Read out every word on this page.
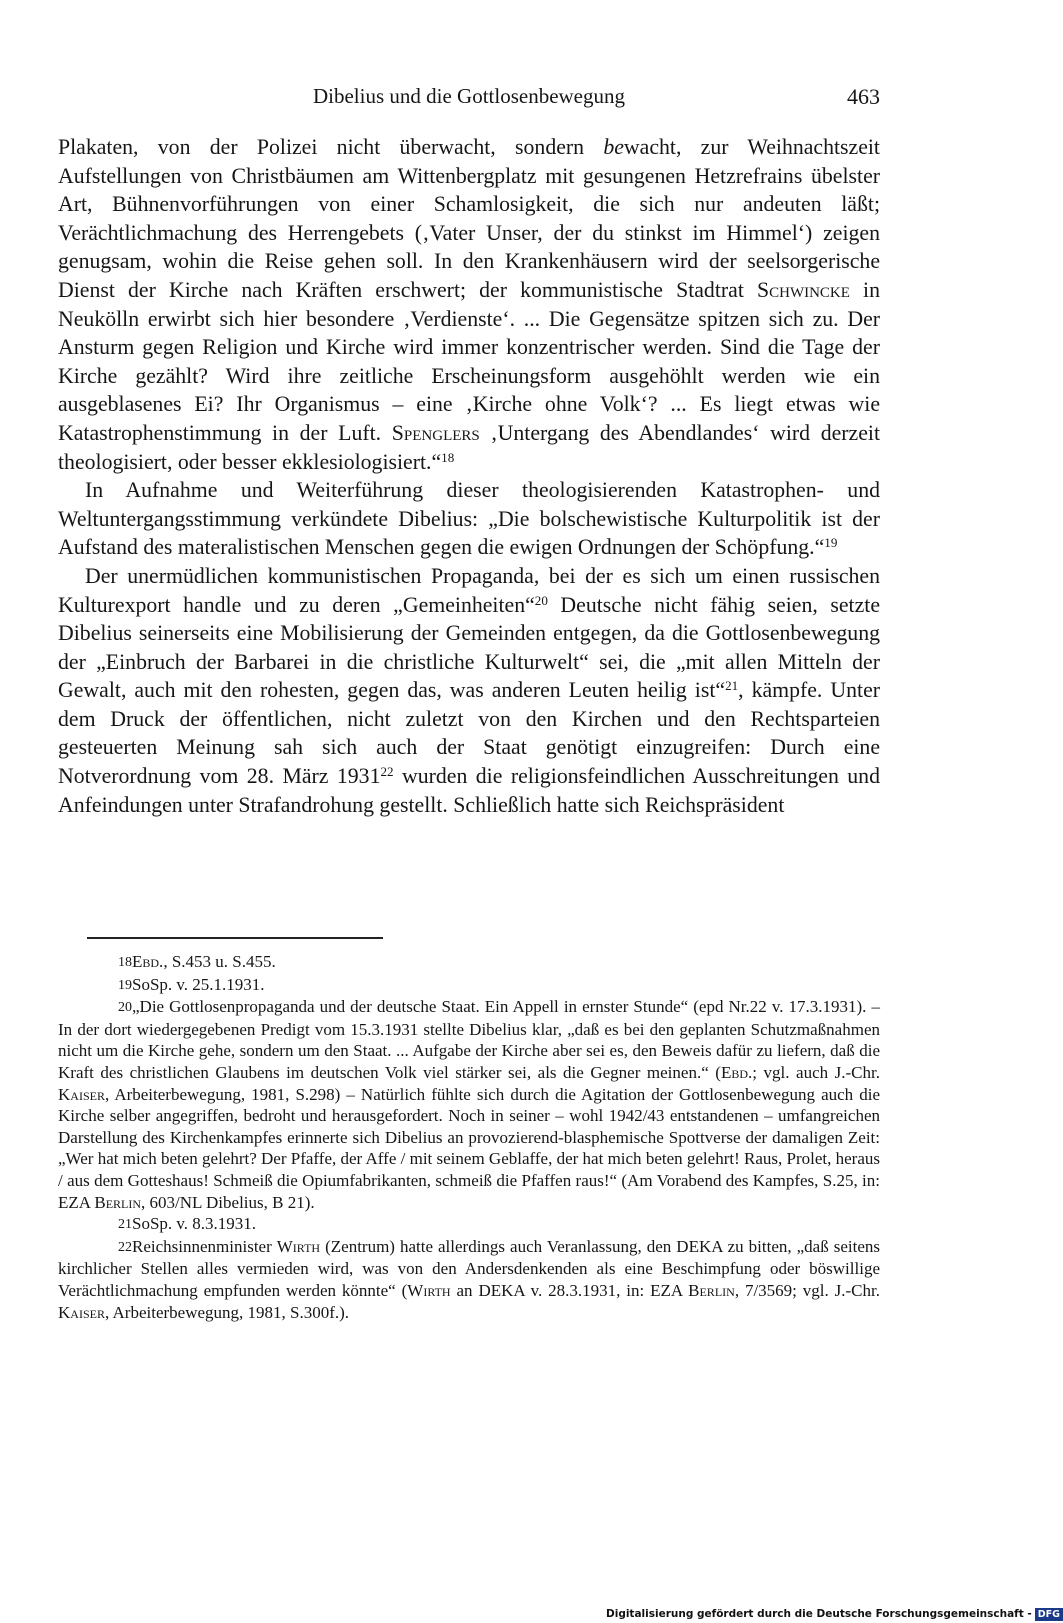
Dibelius und die Gottlosenbewegung	463

Plakaten, von der Polizei nicht überwacht, sondern bewacht, zur Weihnachtszeit Aufstellungen von Christbäumen am Wittenbergplatz mit gesungenen Hetzrefrains übelster Art, Bühnenvorführungen von einer Schamlosigkeit, die sich nur andeuten läßt; Verächtlichmachung des Herrengebets (‚Vater Unser, der du stinkst im Himmel‘) zeigen genugsam, wohin die Reise gehen soll. In den Krankenhäusern wird der seelsorgerische Dienst der Kirche nach Kräften erschwert; der kommunistische Stadtrat Schwincke in Neukölln erwirbt sich hier besondere ‚Verdienste‘. ... Die Gegensätze spitzen sich zu. Der Ansturm gegen Religion und Kirche wird immer konzentrischer werden. Sind die Tage der Kirche gezählt? Wird ihre zeitliche Erscheinungsform ausgehöhlt werden wie ein ausgeblasenes Ei? Ihr Organismus – eine ‚Kirche ohne Volk‘? ... Es liegt etwas wie Katastrophenstimmung in der Luft. Spenglers ‚Untergang des Abendlandes‘ wird derzeit theologisiert, oder besser ekklesiologisiert.“$^{18}$

In Aufnahme und Weiterführung dieser theologisierenden Katastrophen- und Weltuntergangsstimmung verkündete Dibelius: „Die bolschewistische Kulturpolitik ist der Aufstand des materalistischen Menschen gegen die ewigen Ordnungen der Schöpfung.“$^{19}$

Der unermüdlichen kommunistischen Propaganda, bei der es sich um einen russischen Kulturexport handle und zu deren „Gemeinheiten“$^{20}$ Deutsche nicht fähig seien, setzte Dibelius seinerseits eine Mobilisierung der Gemeinden entgegen, da die Gottlosenbewegung der „Einbruch der Barbarei in die christliche Kulturwelt“ sei, die „mit allen Mitteln der Gewalt, auch mit den rohesten, gegen das, was anderen Leuten heilig ist“$^{21}$, kämpfe. Unter dem Druck der öffentlichen, nicht zuletzt von den Kirchen und den Rechtsparteien gesteuerten Meinung sah sich auch der Staat genötigt einzugreifen: Durch eine Notverordnung vom 28. März 1931$^{22}$ wurden die religionsfeindlichen Ausschreitungen und Anfeindungen unter Strafandrohung gestellt. Schließlich hatte sich Reichspräsident

18Ebd., S.453 u. S.455.

19SoSp. v. 25.1.1931.

20„Die Gottlosenpropaganda und der deutsche Staat. Ein Appell in ernster Stunde“ (epd Nr.22 v. 17.3.1931). – In der dort wiedergegebenen Predigt vom 15.3.1931 stellte Dibelius klar, „daß es bei den geplanten Schutzmaßnahmen nicht um die Kirche gehe, sondern um den Staat. ... Aufgabe der Kirche aber sei es, den Beweis dafür zu liefern, daß die Kraft des christlichen Glaubens im deutschen Volk viel stärker sei, als die Gegner meinen.“ (Ebd.; vgl. auch J.-Chr. Kaiser, Arbeiterbewegung, 1981, S.298) – Natürlich fühlte sich durch die Agitation der Gottlosenbewegung auch die Kirche selber angegriffen, bedroht und herausgefordert. Noch in seiner – wohl 1942/43 entstandenen – umfangreichen Darstellung des Kirchenkampfes erinnerte sich Dibelius an provozierend-blasphemische Spottverse der damaligen Zeit: „Wer hat mich beten gelehrt? Der Pfaffe, der Affe / mit seinem Geblaffe, der hat mich beten gelehrt! Raus, Prolet, heraus / aus dem Gotteshaus! Schmeiß die Opiumfabrikanten, schmeiß die Pfaffen raus!“ (Am Vorabend des Kampfes, S.25, in: EZA Berlin, 603/NL Dibelius, B 21).

21SoSp. v. 8.3.1931.

22Reichsinnenminister Wirth (Zentrum) hatte allerdings auch Veranlassung, den DEKA zu bitten, „daß seitens kirchlicher Stellen alles vermieden wird, was von den Andersdenkenden als eine Beschimpfung oder böswillige Verächtlichmachung empfunden werden könnte“ (Wirth an DEKA v. 28.3.1931, in: EZA Berlin, 7/3569; vgl. J.-Chr. Kaiser, Arbeiterbewegung, 1981, S.300f.).

Digitalisierung gefördert durch die Deutsche Forschungsgemeinschaft - DFG
